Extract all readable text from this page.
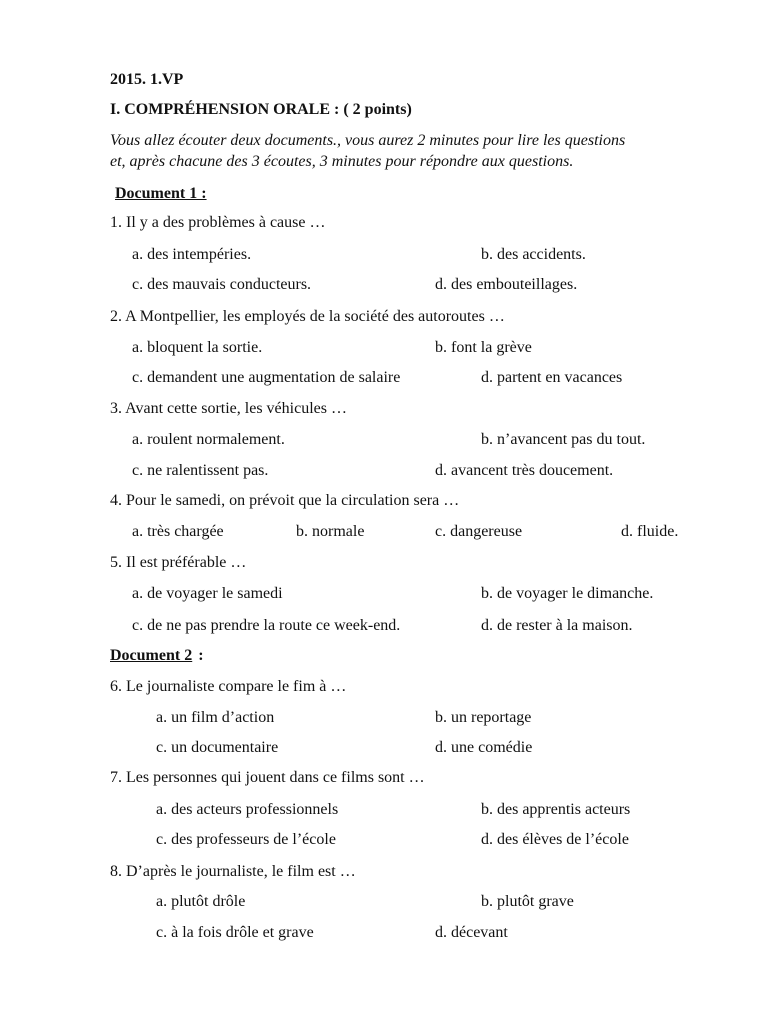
2015. 1.VP
I. COMPRÉHENSION ORALE : ( 2 points)
Vous allez écouter deux documents., vous aurez 2 minutes pour lire les questions
et, après chacune des 3 écoutes, 3 minutes pour répondre aux questions.
Document 1 :
1. Il y a des problèmes à cause …
a. des intempéries.	b. des accidents.
c. des mauvais conducteurs.	d. des embouteillages.
2. A Montpellier, les employés de la société des autoroutes …
a. bloquent la sortie.	b. font la grève
c. demandent une augmentation de salaire	d. partent en vacances
3. Avant cette sortie, les véhicules …
a. roulent normalement.	b. n’avancent pas du tout.
c. ne ralentissent pas.	d. avancent très doucement.
4. Pour le samedi, on prévoit que la circulation sera …
a. très chargée	b. normale	c. dangereuse	d. fluide.
5. Il est préférable …
a. de voyager le samedi	b. de voyager le dimanche.
c. de ne pas prendre la route ce week-end.	d. de rester à la maison.
Document 2 :
6. Le journaliste compare le fim à …
a. un film d’action	b. un reportage
c. un documentaire	d. une comédie
7. Les personnes qui jouent dans ce films sont …
a. des acteurs professionnels	b. des apprentis acteurs
c. des professeurs de l’école	d. des élèves de l’école
8. D’après le journaliste, le film est …
a. plutôt drôle	b. plutôt grave
c. à la fois drôle et grave	d. décevant
